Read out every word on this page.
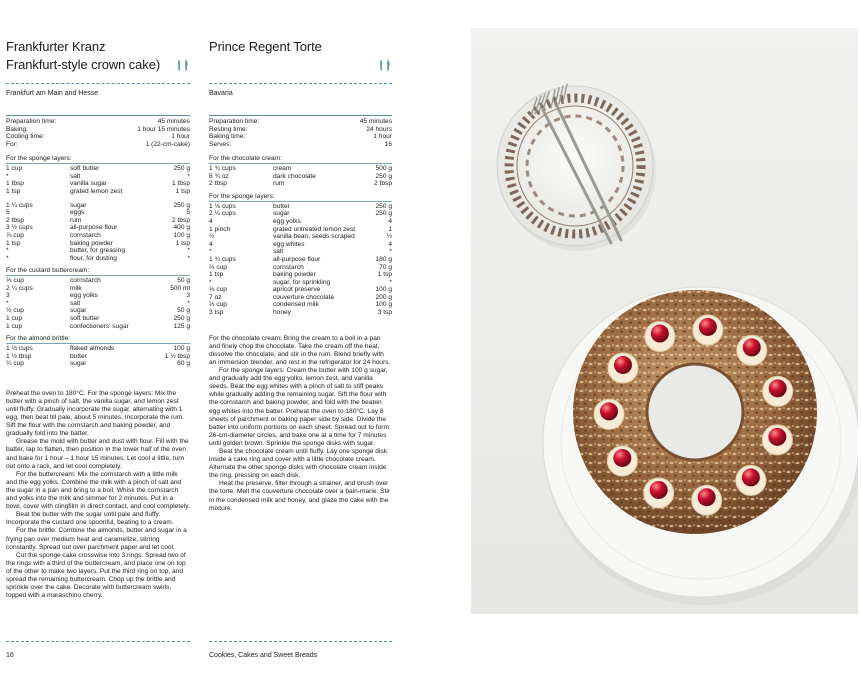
Frankfurter Kranz
Frankfurt-style crown cake)
Frankfurt am Main and Hesse
Preparation time:	45 minutes
Baking:	1 hour 15 minutes
Cooling time:	1 hour
For:	1 (22-cm-cake)
For the sponge layers:
1 cup	soft butter	250 g
*	salt	*
1 tbsp	vanilla sugar	1 tbsp
1 tsp	grated lemon zest	1 tsp
1 ¼ cups	sugar	250 g
5	eggs	5
2 tbsp	rum	2 tbsp
3 ½ cups	all-purpose flour	400 g
⅞ cup	cornstarch	100 g
1 tsp	baking powder	1 tsp
*	butter, for greasing	*
*	flour, for dusting	*
For the custard buttercream:
⅓ cup	cornstarch	50 g
2 ¼ cups	milk	500 ml
3	egg yolks	3
*	salt	*
½ cup	sugar	50 g
1 cup	soft butter	250 g
1 cup	confectioners' sugar	125 g
For the almond brittle:
1 ⅓ cups	flaked almonds	100 g
1 ½ tbsp	butter	1 ½ tbsp
¼ cup	sugar	60 g

Preheat the oven to 180°C. For the sponge layers: Mix the butter with a pinch of salt, the vanilla sugar, and lemon zest until fluffy. Gradually incorporate the sugar, alternating with 1 egg, then beat till pale, about 5 minutes. Incorporate the rum. Sift the flour with the cornstarch and baking powder, and gradually fold into the batter.

Grease the mold with butter and dust with flour. Fill with the batter, tap to flatten, then position in the lower half of the oven and bake for 1 hour – 1 hour 15 minutes. Let cool a little, turn out onto a rack, and let cool completely.

For the buttercream: Mix the cornstarch with a little milk and the egg yolks. Combine the milk with a pinch of salt and the sugar in a pan and bring to a boil. Whisk the cornstarch and yolks into the milk and simmer for 2 minutes. Put in a bowl, cover with clingfilm in direct contact, and cool completely.

Beat the butter with the sugar until pale and fluffy. Incorporate the custard one spoonful, beating to a cream.

For the brittle: Combine the almonds, butter and sugar in a frying pan over medium heat and caramelize, stirring constantly. Spread out over parchment paper and let cool.

Cut the sponge cake crosswise into 3 rings. Spread two of the rings with a third of the buttercream, and place one on top of the other to make two layers. Put the third ring on top, and spread the remaining buttercream. Chop up the brittle and sprinkle over the cake. Decorate with buttercream swirls, topped with a maraschino cherry.

Prince Regent Torte
Bavaria
Preparation time:	45 minutes
Resting time:	24 hours
Baking time:	1 hour
Serves:	16
For the chocolate cream:
1 ¾ cups	cream	500 g
8 ¾ oz	dark chocolate	250 g
2 tbsp	rum	2 tbsp
For the sponge layers:
1 ⅛ cups	butter	250 g
2 ¼ cups	sugar	250 g
4	egg yolks	4
1 pinch	grated untreated lemon zest	1
½	vanilla bean, seeds scraped	½
4	egg whites	4
*	salt	*
1 ¾ cups	all-purpose flour	180 g
⅔ cup	cornstarch	70 g
1 tsp	baking powder	1 tsp
*	sugar, for sprinkling	*
⅓ cup	apricot preserve	100 g
7 oz	couverture chocolate	200 g
⅓ cup	condensed milk	100 g
3 tsp	honey	3 tsp

For the chocolate cream: Bring the cream to a boil in a pan and finely chop the chocolate. Take the cream off the heat, dissolve the chocolate, and stir in the rum. Blend briefly with an immersion blender, and rest in the refrigerator for 24 hours.

For the sponge layers: Cream the butter with 100 g sugar, and gradually add the egg yolks, lemon zest, and vanilla seeds. Beat the egg whites with a pinch of salt to stiff peaks while gradually adding the remaining sugar. Sift the flour with the cornstarch and baking powder, and fold with the beaten egg whites into the batter. Preheat the oven to 180°C. Lay 8 sheets of parchment or baking paper side by side. Divide the batter into uniform portions on each sheet. Spread out to form 26-cm-diameter circles, and bake one at a time for 7 minutes until golden brown. Sprinkle the sponge disks with sugar.

Beat the chocolate cream until fluffy. Lay one sponge disk inside a cake ring and cover with a little chocolate cream. Alternate the other sponge disks with chocolate cream inside the ring, pressing on each disk.

Heat the preserve, filter through a strainer, and brush over the torte. Melt the couverture chocolate over a bain-marie. Stir in the condensed milk and honey, and glaze the cake with the mixture.

16	Cookies, Cakes and Sweet Breads
